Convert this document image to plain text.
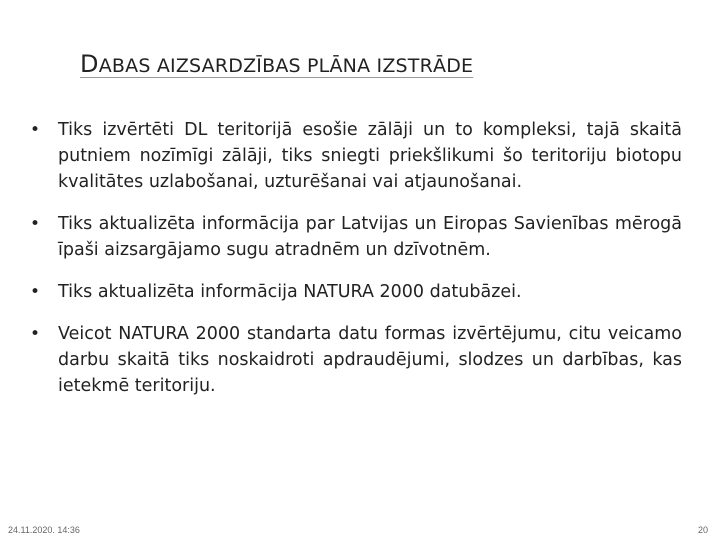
DABAS AIZSARDZĪBAS PLĀNA IZSTRĀDE
• Tiks izvērtēti DL teritorijā esošie zālāji un to kompleksi, tajā skaitā putniem nozīmīgi zālāji, tiks sniegti priekšlikumi šo teritoriju biotopu kvalitātes uzlabošanai, uzturēšanai vai atjaunošanai.
• Tiks aktualizēta informācija par Latvijas un Eiropas Savienības mērogā īpaši aizsargājamo sugu atradnēm un dzīvotnēm.
• Tiks aktualizēta informācija NATURA 2000 datubāzei.
• Veicot NATURA 2000 standarta datu formas izvērtējumu, citu veicamo darbu skaitā tiks noskaidroti apdraudējumi, slodzes un darbības, kas ietekmē teritoriju.
24.11.2020. 14:36	20
